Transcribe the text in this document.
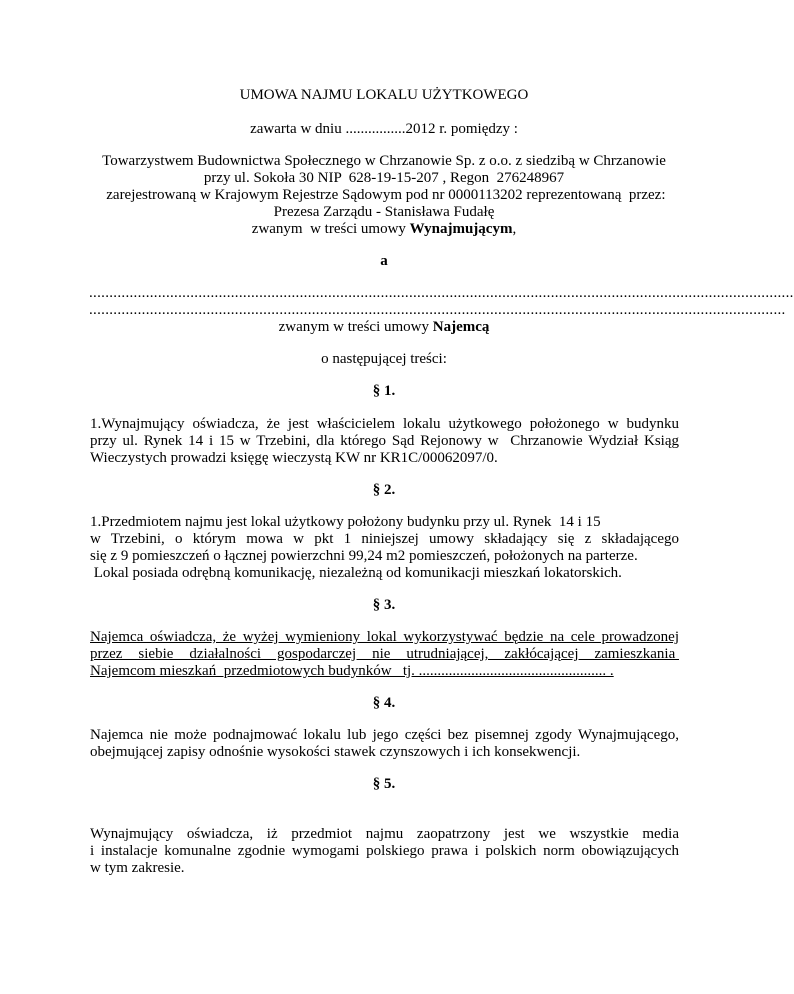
UMOWA NAJMU LOKALU UŻYTKOWEGO
zawarta w dniu ................2012 r. pomiędzy :
Towarzystwem Budownictwa Społecznego w Chrzanowie Sp. z o.o. z siedzibą w Chrzanowie
przy ul. Sokoła 30 NIP  628-19-15-207 , Regon  276248967
zarejestrowaną w Krajowym Rejestrze Sądowym pod nr 0000113202 reprezentowaną  przez:
Prezesa Zarządu - Stanisława Fudałę
zwanym  w treści umowy Wynajmującym,
a
..............................................................................................................................................................................
............................................................................................................................................................................
zwanym w treści umowy Najemcą
o następującej treści:
§ 1.
1.Wynajmujący oświadcza, że jest właścicielem lokalu użytkowego położonego w budynku
przy ul. Rynek 14 i 15 w Trzebini, dla którego Sąd Rejonowy w  Chrzanowie Wydział Ksiąg
Wieczystych prowadzi księgę wieczystą KW nr KR1C/00062097/0.
§ 2.
1.Przedmiotem najmu jest lokal użytkowy położony budynku przy ul. Rynek  14 i 15
w Trzebini, o którym mowa w pkt 1 niniejszej umowy składający się z składającego
się z 9 pomieszczeń o łącznej powierzchni 99,24 m2 pomieszczeń, położonych na parterze.
Lokal posiada odrębną komunikację, niezależną od komunikacji mieszkań lokatorskich.
§ 3.
Najemca oświadcza, że wyżej wymieniony lokal wykorzystywać będzie na cele prowadzonej
przez  siebie  działalności  gospodarczej  nie  utrudniającej,  zakłócającej  zamieszkania
Najemcom mieszkań  przedmiotowych budynków   tj. .................................................. .
§ 4.
Najemca nie może podnajmować lokalu lub jego części bez pisemnej zgody Wynajmującego,
obejmującej zapisy odnośnie wysokości stawek czynszowych i ich konsekwencji.
§ 5.
Wynajmujący  oświadcza,  iż  przedmiot  najmu  zaopatrzony  jest  we  wszystkie  media
i instalacje komunalne zgodnie wymogami polskiego prawa i polskich norm obowiązujących
w tym zakresie.
